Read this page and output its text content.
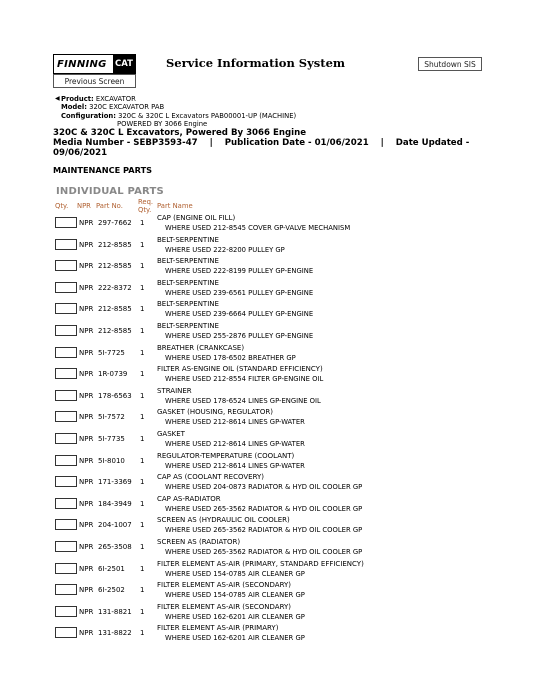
FINNING CAT	Service Information System
Previous Screen
Shutdown SIS
◀ Product: EXCAVATOR
Model: 320C EXCAVATOR PAB
Configuration: 320C & 320C L Excavators PAB00001-UP (MACHINE)
POWERED BY 3066 Engine
320C & 320C L Excavators, Powered By 3066 Engine
Media Number - SEBP3593-47    |    Publication Date - 01/06/2021    |    Date Updated -
09/06/2021
MAINTENANCE PARTS
INDIVIDUAL PARTS
Qty. NPR Part No. Req.
Qty. Part Name
NPR 297-7662 1
CAP (ENGINE OIL FILL)
WHERE USED 212-8545 COVER GP-VALVE MECHANISM
NPR 212-8585 1
BELT-SERPENTINE
WHERE USED 222-8200 PULLEY GP
NPR 212-8585 1
BELT-SERPENTINE
WHERE USED 222-8199 PULLEY GP-ENGINE
NPR 222-8372 1
BELT-SERPENTINE
WHERE USED 239-6561 PULLEY GP-ENGINE
NPR 212-8585 1
BELT-SERPENTINE
WHERE USED 239-6664 PULLEY GP-ENGINE
NPR 212-8585 1
BELT-SERPENTINE
WHERE USED 255-2876 PULLEY GP-ENGINE
NPR 5I-7725 1
BREATHER (CRANKCASE)
WHERE USED 178-6502 BREATHER GP
NPR 1R-0739 1
FILTER AS-ENGINE OIL (STANDARD EFFICIENCY)
WHERE USED 212-8554 FILTER GP-ENGINE OIL
NPR 178-6563 1
STRAINER
WHERE USED 178-6524 LINES GP-ENGINE OIL
NPR 5I-7572 1
GASKET (HOUSING, REGULATOR)
WHERE USED 212-8614 LINES GP-WATER
NPR 5I-7735 1
GASKET
WHERE USED 212-8614 LINES GP-WATER
NPR 5I-8010 1
REGULATOR-TEMPERATURE (COOLANT)
WHERE USED 212-8614 LINES GP-WATER
NPR 171-3369 1
CAP AS (COOLANT RECOVERY)
WHERE USED 204-0873 RADIATOR & HYD OIL COOLER GP
NPR 184-3949 1
CAP AS-RADIATOR
WHERE USED 265-3562 RADIATOR & HYD OIL COOLER GP
NPR 204-1007 1
SCREEN AS (HYDRAULIC OIL COOLER)
WHERE USED 265-3562 RADIATOR & HYD OIL COOLER GP
NPR 265-3508 1
SCREEN AS (RADIATOR)
WHERE USED 265-3562 RADIATOR & HYD OIL COOLER GP
NPR 6I-2501 1
FILTER ELEMENT AS-AIR (PRIMARY, STANDARD EFFICIENCY)
WHERE USED 154-0785 AIR CLEANER GP
NPR 6I-2502 1
FILTER ELEMENT AS-AIR (SECONDARY)
WHERE USED 154-0785 AIR CLEANER GP
NPR 131-8821 1
FILTER ELEMENT AS-AIR (SECONDARY)
WHERE USED 162-6201 AIR CLEANER GP
NPR 131-8822 1
FILTER ELEMENT AS-AIR (PRIMARY)
WHERE USED 162-6201 AIR CLEANER GP
